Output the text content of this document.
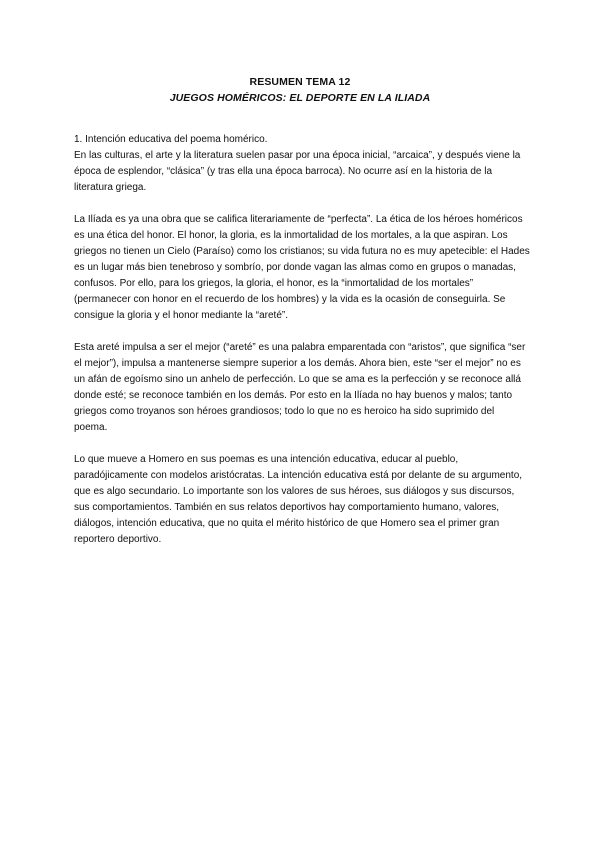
RESUMEN TEMA 12

JUEGOS HOMÉRICOS: EL DEPORTE EN LA ILIADA

1. Intención educativa del poema homérico.

En las culturas, el arte y la literatura suelen pasar por una época inicial, “arcaica”, y después viene la época de esplendor, “clásica” (y tras ella una época barroca). No ocurre así en la historia de la literatura griega.

La Ilíada es ya una obra que se califica literariamente de “perfecta”. La ética de los héroes homéricos es una ética del honor. El honor, la gloria, es la inmortalidad de los mortales, a la que aspiran. Los griegos no tienen un Cielo (Paraíso) como los cristianos; su vida futura no es muy apetecible: el Hades es un lugar más bien tenebroso y sombrío, por donde vagan las almas como en grupos o manadas, confusos. Por ello, para los griegos, la gloria, el honor, es la “inmortalidad de los mortales” (permanecer con honor en el recuerdo de los hombres) y la vida es la ocasión de conseguirla. Se consigue la gloria y el honor mediante la “areté”.

Esta areté impulsa a ser el mejor (“areté” es una palabra emparentada con “aristos”, que significa “ser el mejor”), impulsa a mantenerse siempre superior a los demás. Ahora bien, este “ser el mejor” no es un afán de egoísmo sino un anhelo de perfección. Lo que se ama es la perfección y se reconoce allá donde esté; se reconoce también en los demás. Por esto en la Ilíada no hay buenos y malos; tanto griegos como troyanos son héroes grandiosos; todo lo que no es heroico ha sido suprimido del poema.

Lo que mueve a Homero en sus poemas es una intención educativa, educar al pueblo, paradójicamente con modelos aristócratas. La intención educativa está por delante de su argumento, que es algo secundario. Lo importante son los valores de sus héroes, sus diálogos y sus discursos, sus comportamientos. También en sus relatos deportivos hay comportamiento humano, valores, diálogos, intención educativa, que no quita el mérito histórico de que Homero sea el primer gran reportero deportivo.
